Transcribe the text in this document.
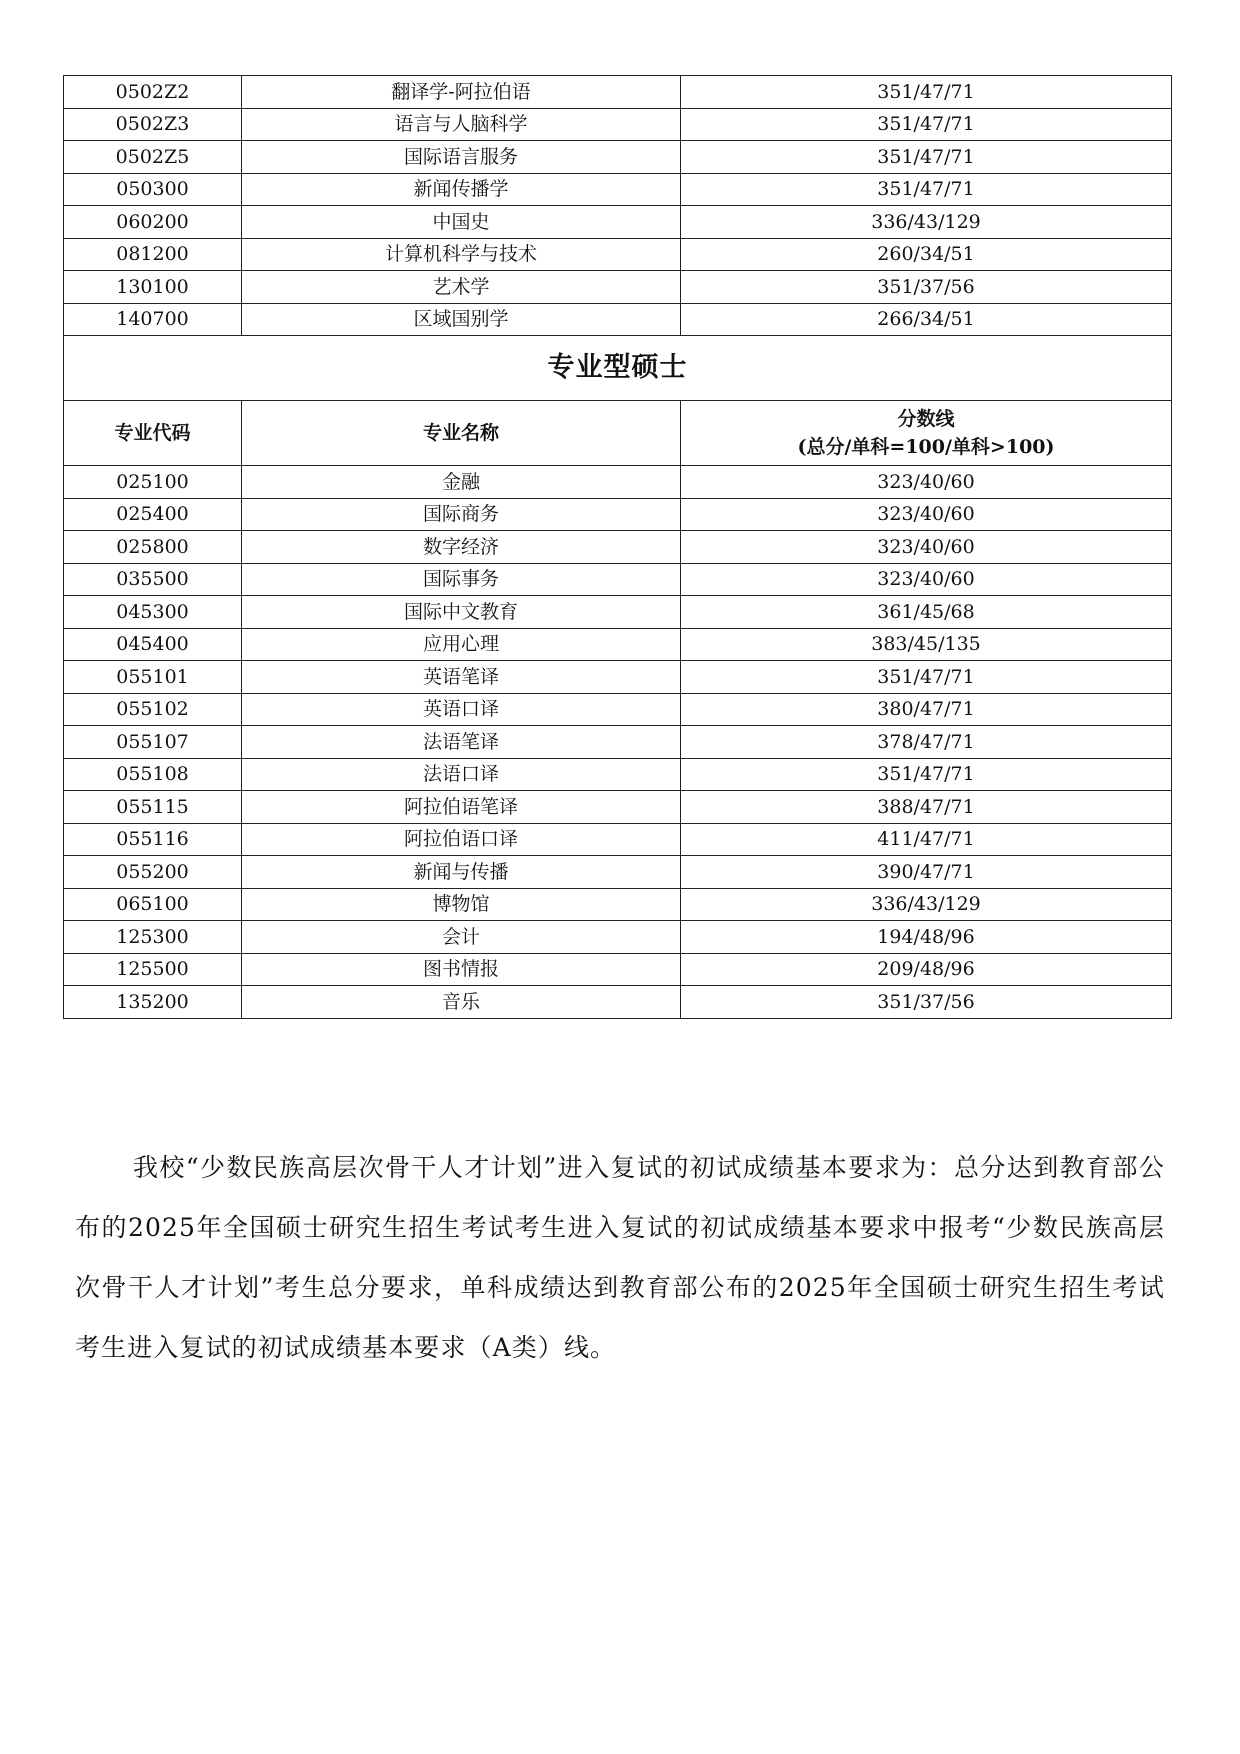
0502Z2	翻译学-阿拉伯语	351/47/71
0502Z3	语言与人脑科学	351/47/71
0502Z5	国际语言服务	351/47/71
050300	新闻传播学	351/47/71
060200	中国史	336/43/129
081200	计算机科学与技术	260/34/51
130100	艺术学	351/37/56
140700	区域国别学	266/34/51
专业型硕士		
专业代码	专业名称	分数线
(总分/单科=100/单科>100)

025100	金融	323/40/60
025400	国际商务	323/40/60
025800	数字经济	323/40/60
035500	国际事务	323/40/60
045300	国际中文教育	361/45/68
045400	应用心理	383/45/135
055101	英语笔译	351/47/71
055102	英语口译	380/47/71
055107	法语笔译	378/47/71
055108	法语口译	351/47/71
055115	阿拉伯语笔译	388/47/71
055116	阿拉伯语口译	411/47/71
055200	新闻与传播	390/47/71
065100	博物馆	336/43/129
125300	会计	194/48/96
125500	图书情报	209/48/96
135200	音乐	351/37/56

我校“少数民族高层次骨干人才计划”进入复试的初试成绩基本要求为：总分达到教育部公布的2025年全国硕士研究生招生考试考生进入复试的初试成绩基本要求中报考“少数民族高层次骨干人才计划”考生总分要求，单科成绩达到教育部公布的2025年全国硕士研究生招生考试考生进入复试的初试成绩基本要求（A类）线。
